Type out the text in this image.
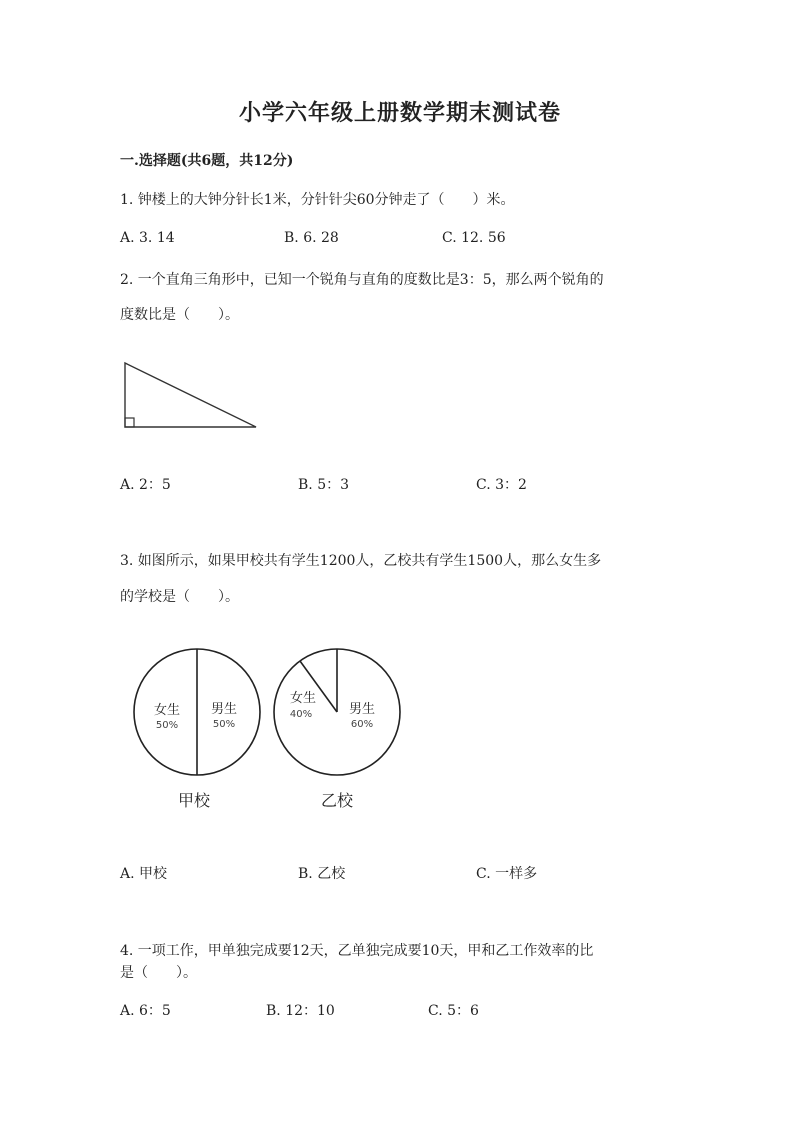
小学六年级上册数学期末测试卷
一.选择题(共6题，共12分)
1. 钟楼上的大钟分针长1米，分针针尖60分钟走了（　　）米。
A. 3. 14	B. 6. 28	C. 12. 56
2. 一个直角三角形中，已知一个锐角与直角的度数比是3：5，那么两个锐角的
度数比是（　　）。
A. 2：5	B. 5：3	C. 3：2
3. 如图所示，如果甲校共有学生1200人，乙校共有学生1500人，那么女生多
的学校是（　　）。
女生
50%
男生
50%
甲校
女生
40%	男生
60%
乙校
A. 甲校	B. 乙校	C. 一样多
4. 一项工作，甲单独完成要12天，乙单独完成要10天，甲和乙工作效率的比
是（　　）。
A. 6：5	B. 12：10	C. 5：6
